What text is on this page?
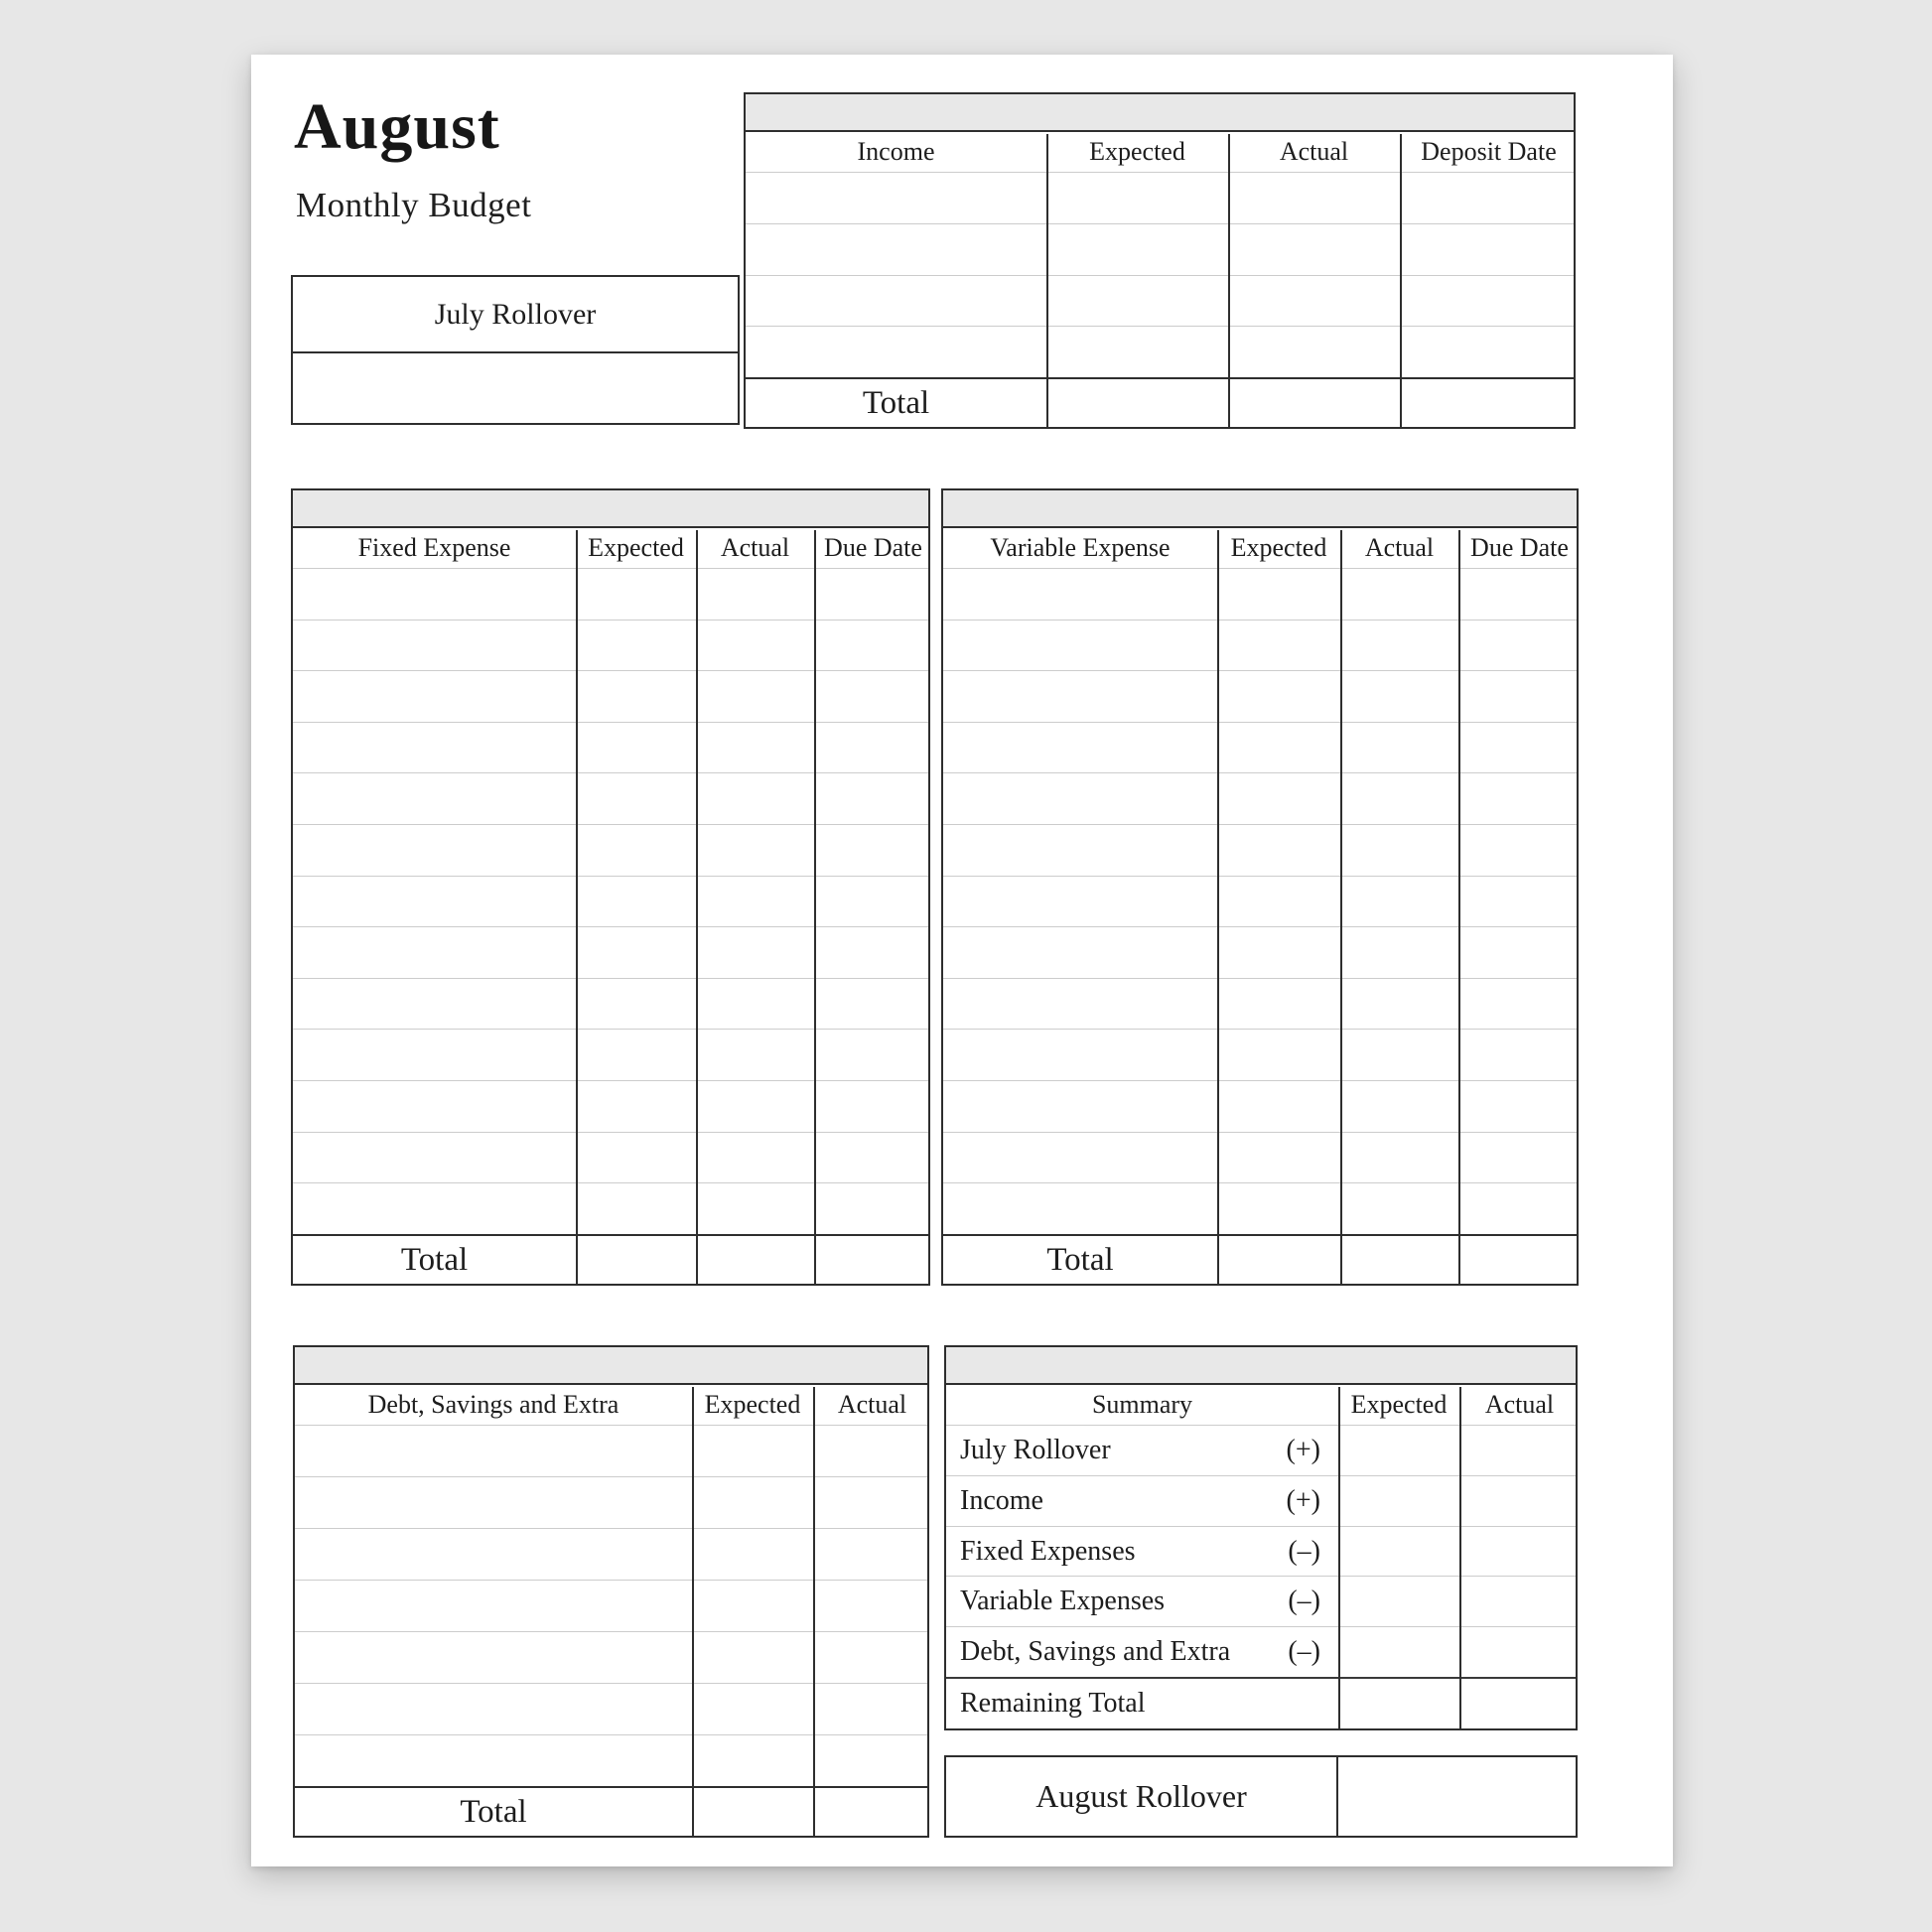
August
Monthly Budget
July Rollover
Income	Expected	Actual	Deposit Date
Total
Fixed Expense	Expected	Actual	Due Date
Total
Variable Expense	Expected	Actual	Due Date
Total
Debt, Savings and Extra	Expected	Actual
Total
Summary	Expected	Actual
July Rollover	(+)
Income	(+)
Fixed Expenses	(–)
Variable Expenses	(–)
Debt, Savings and Extra (–)
Remaining Total
August Rollover
